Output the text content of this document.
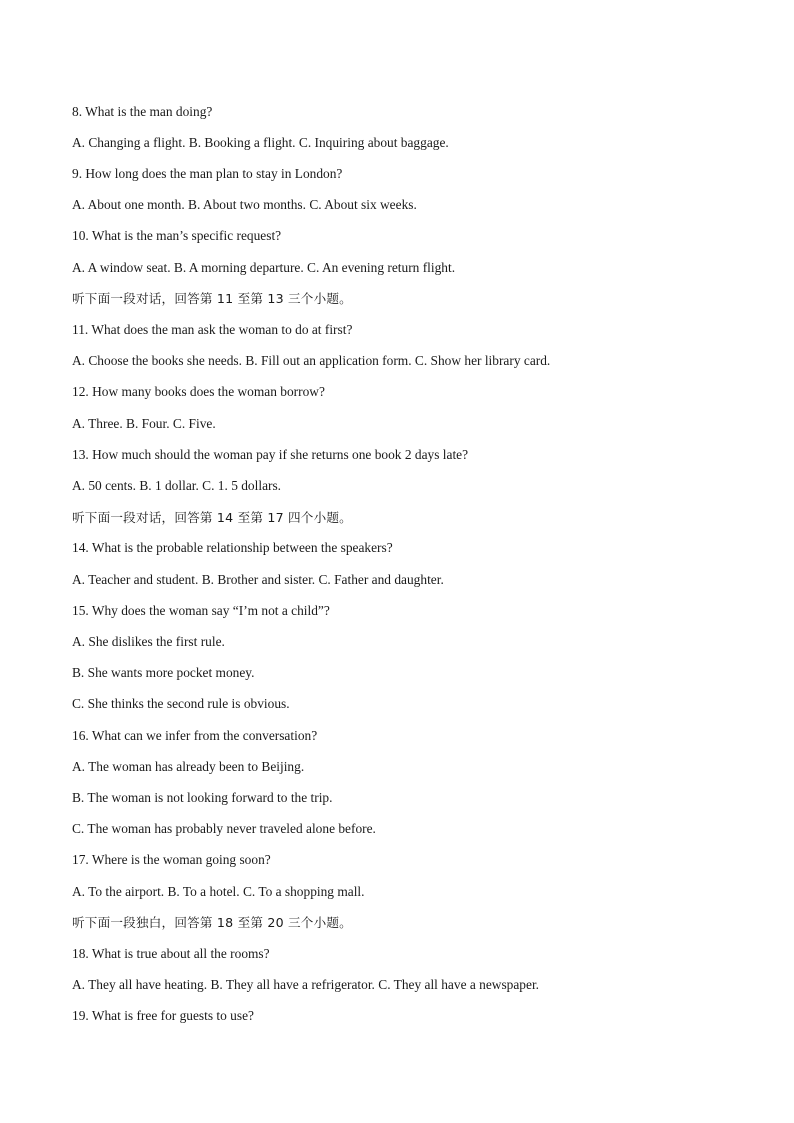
8. What is the man doing?
A. Changing a flight. B. Booking a flight. C. Inquiring about baggage.
9. How long does the man plan to stay in London?
A. About one month. B. About two months. C. About six weeks.
10. What is the man’s specific request?
A. A window seat. B. A morning departure. C. An evening return flight.
听下面一段对话，回答第 11 至第 13 三个小题。
11. What does the man ask the woman to do at first?
A. Choose the books she needs. B. Fill out an application form. C. Show her library card.
12. How many books does the woman borrow?
A. Three. B. Four. C. Five.
13. How much should the woman pay if she returns one book 2 days late?
A. 50 cents. B. 1 dollar. C. 1. 5 dollars.
听下面一段对话，回答第 14 至第 17 四个小题。
14. What is the probable relationship between the speakers?
A. Teacher and student. B. Brother and sister. C. Father and daughter.
15. Why does the woman say “I’m not a child”?
A. She dislikes the first rule.
B. She wants more pocket money.
C. She thinks the second rule is obvious.
16. What can we infer from the conversation?
A. The woman has already been to Beijing.
B. The woman is not looking forward to the trip.
C. The woman has probably never traveled alone before.
17. Where is the woman going soon?
A. To the airport. B. To a hotel. C. To a shopping mall.
听下面一段独白，回答第 18 至第 20 三个小题。
18. What is true about all the rooms?
A. They all have heating. B. They all have a refrigerator. C. They all have a newspaper.
19. What is free for guests to use?
